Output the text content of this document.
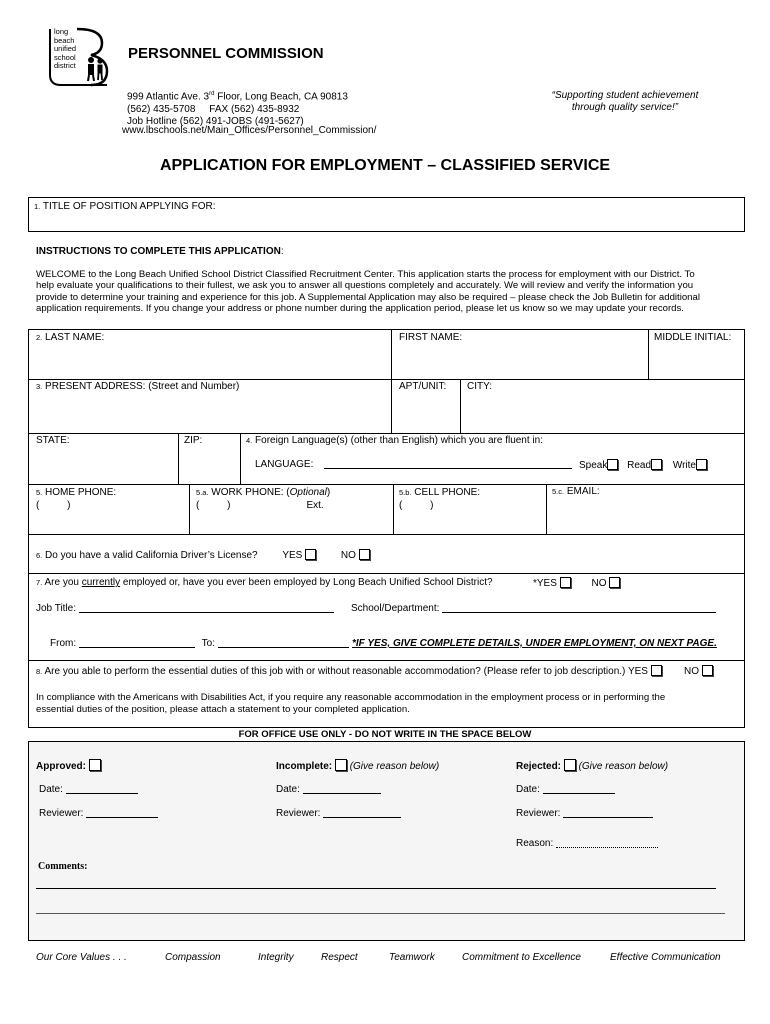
long
beach
unified
school
district
PERSONNEL COMMISSION
999 Atlantic Ave. 3rd Floor, Long Beach, CA 90813
(562) 435-5708 FAX (562) 435-8932
Job Hotline (562) 491-JOBS (491-5627)
www.lbschools.net/Main_Offices/Personnel_Commission/
“Supporting student achievement
through quality service!”
APPLICATION FOR EMPLOYMENT – CLASSIFIED SERVICE
1. TITLE OF POSITION APPLYING FOR:
INSTRUCTIONS TO COMPLETE THIS APPLICATION:
WELCOME to the Long Beach Unified School District Classified Recruitment Center. This application starts the process for employment with our District. To
help evaluate your qualifications to their fullest, we ask you to answer all questions completely and accurately. We will review and verify the information you
provide to determine your training and experience for this job. A Supplemental Application may also be required – please check the Job Bulletin for additional
application requirements. If you change your address or phone number during the application period, please let us know so we may update your records.
2. LAST NAME:	FIRST NAME:	MIDDLE INITIAL:
3. PRESENT ADDRESS: (Street and Number)	APT/UNIT: CITY:
STATE:	ZIP:	4. Foreign Language(s) (other than English) which you are fluent in:
LANGUAGE:	Speak Read Write
5. HOME PHONE:
(          )
5.a. WORK PHONE: (Optional)
(          )	Ext.
5.b. CELL PHONE:
(          )
5.c. EMAIL:
6. Do you have a valid California Driver’s License? YES	NO
7. Are you currently employed or, have you ever been employed by Long Beach Unified School District?	*YES	NO
Job Title:	School/Department:
From:	To:	*IF YES, GIVE COMPLETE DETAILS, UNDER EMPLOYMENT, ON NEXT PAGE.
8. Are you able to perform the essential duties of this job with or without reasonable accommodation? (Please refer to job description.) YES	NO
In compliance with the Americans with Disabilities Act, if you require any reasonable accommodation in the employment process or in performing the
essential duties of the position, please attach a statement to your completed application.
FOR OFFICE USE ONLY - DO NOT WRITE IN THE SPACE BELOW
Approved:	Incomplete: (Give reason below)	Rejected: (Give reason below)
Date:	Date:	Date:
Reviewer:	Reviewer:	Reviewer:
Reason:
Comments:
Our Core Values . . .	Compassion	Integrity	Respect	Teamwork	Commitment to Excellence	Effective Communication
